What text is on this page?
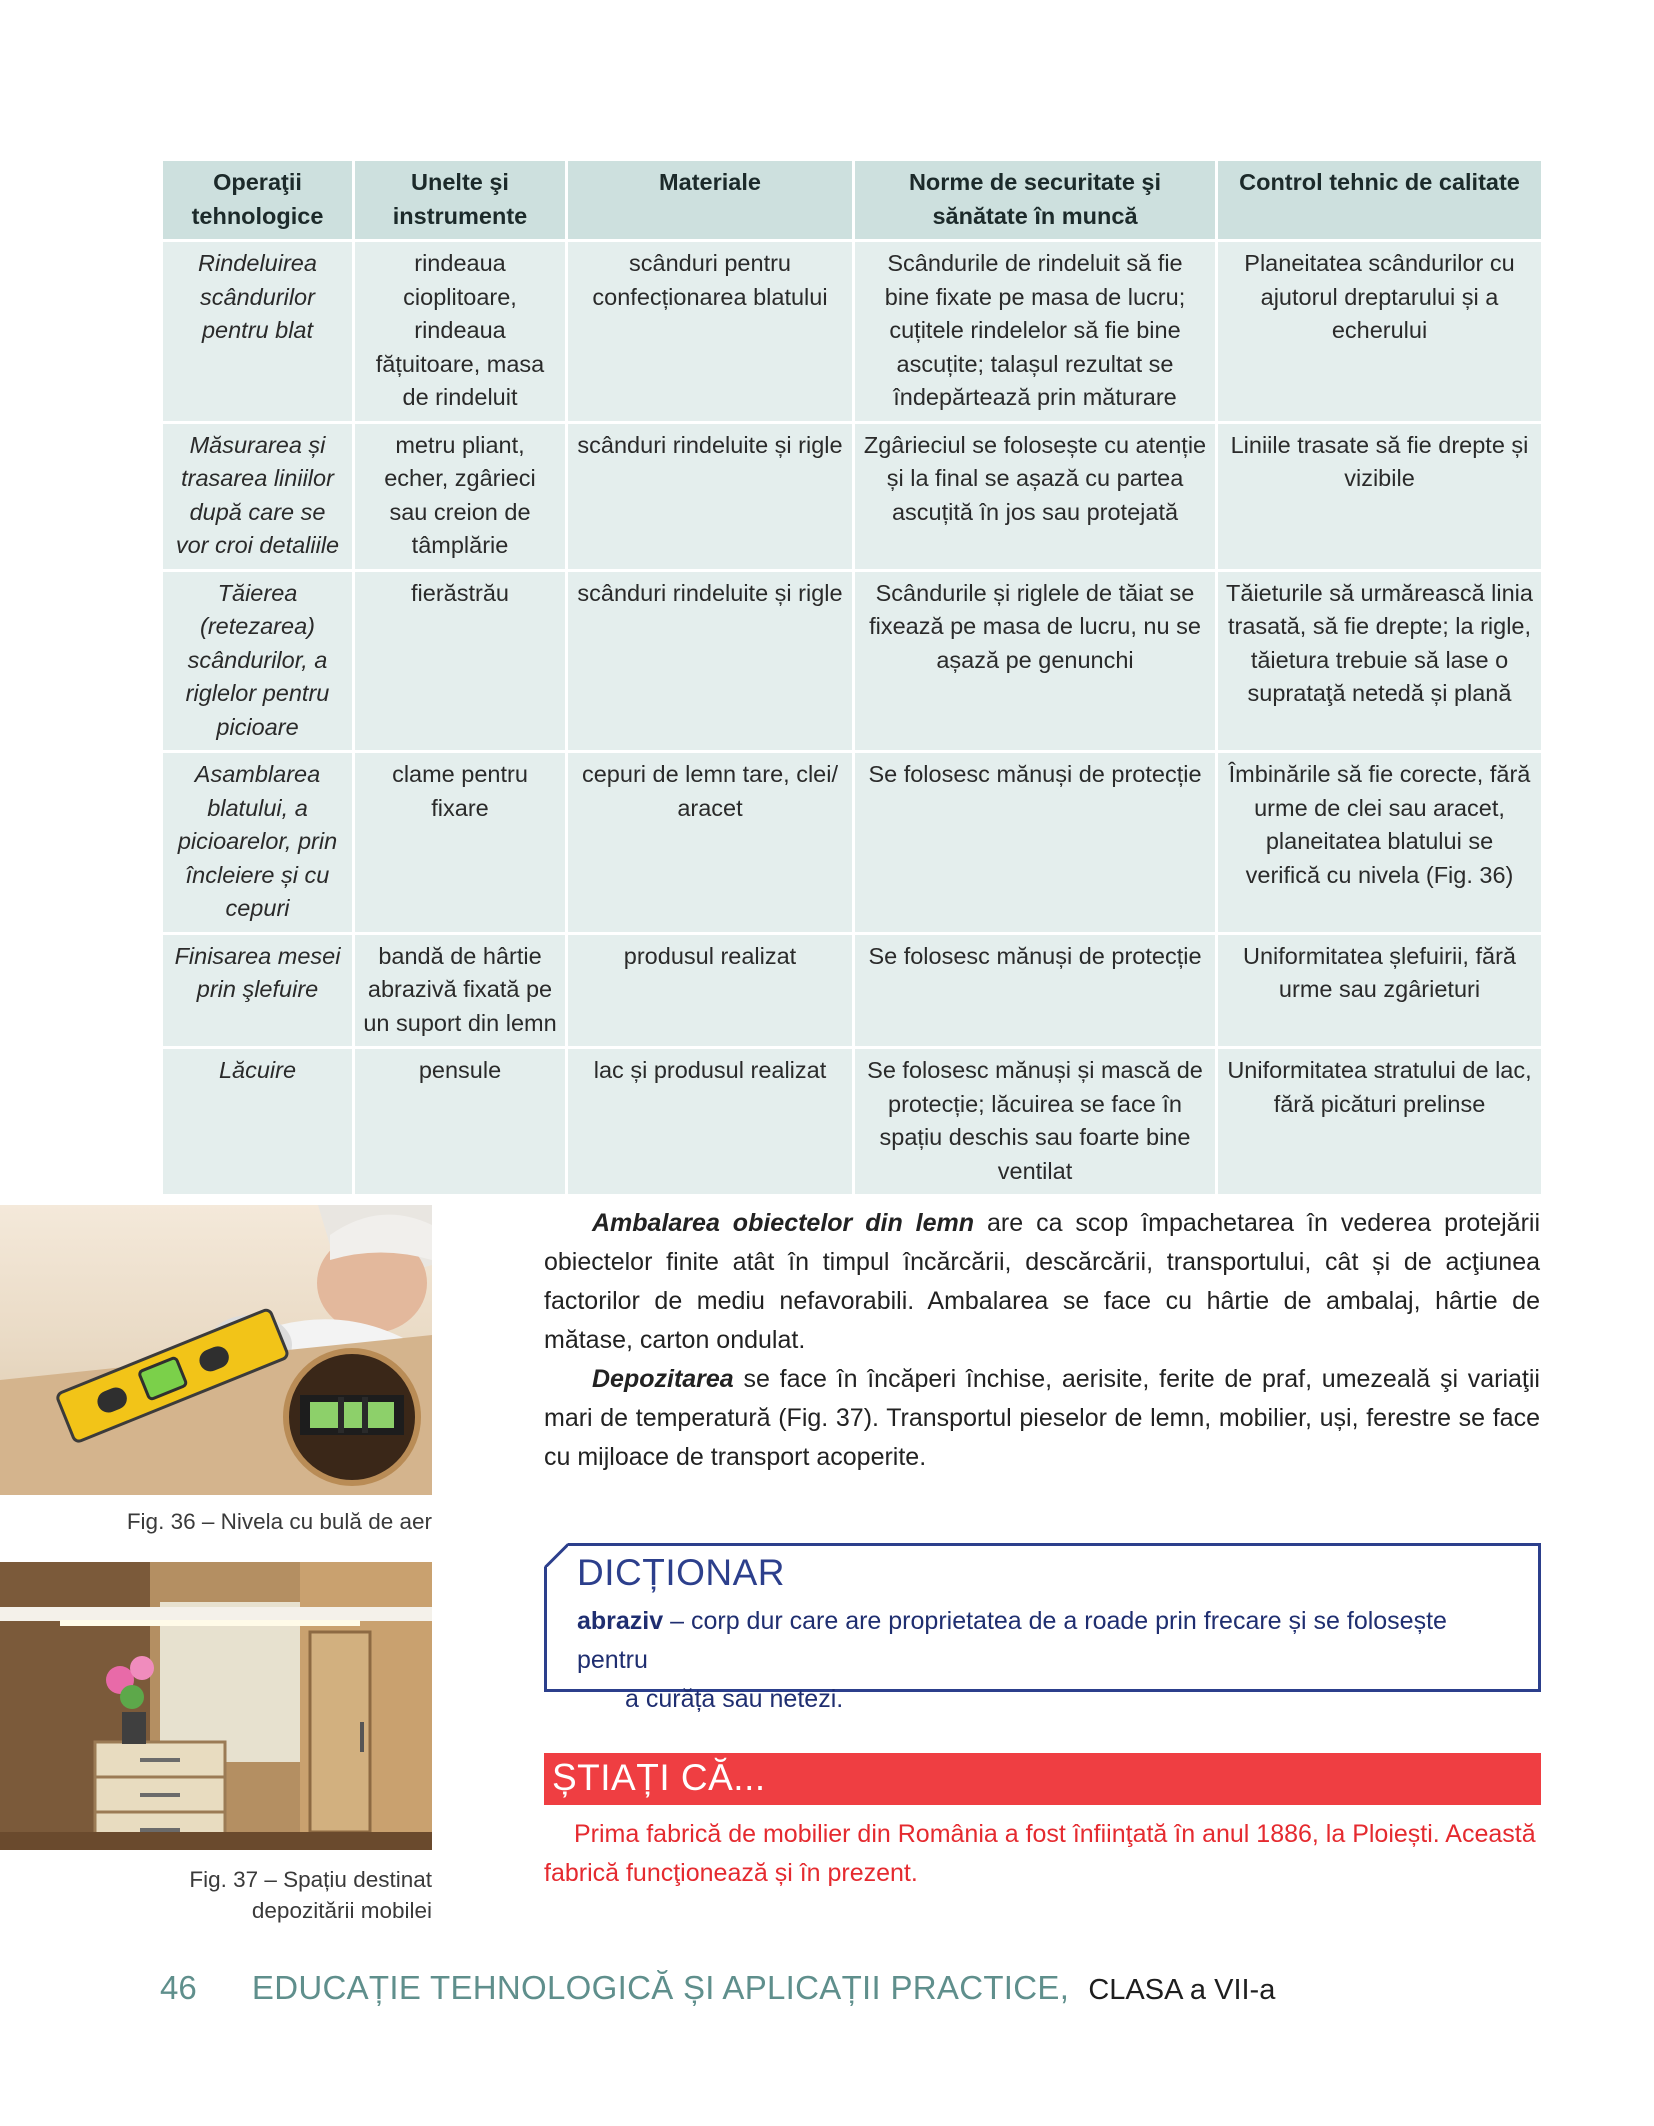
Operaţii tehnologice	Unelte şi instrumente	Materiale	Norme de securitate şi sănătate în muncă	Control tehnic de calitate
Rindeluirea scândurilor pentru blat	rindeaua cioplitoare, rindeaua fățuitoare, masa de rindeluit	scânduri pentru confecționarea blatului	Scândurile de rindeluit să fie bine fixate pe masa de lucru; cuțitele rindelelor să fie bine ascuțite; talașul rezultat se îndepărtează prin măturare	Planeitatea scândurilor cu ajutorul dreptarului și a echerului
Măsurarea și trasarea liniilor după care se vor croi detaliile	metru pliant, echer, zgârieci sau creion de tâmplărie	scânduri rindeluite și rigle	Zgârieciul se folosește cu atenție și la final se așază cu partea ascuțită în jos sau protejată	Liniile trasate să fie drepte și vizibile
Tăierea (retezarea) scândurilor, a riglelor pentru picioare	fierăstrău	scânduri rindeluite și rigle	Scândurile și riglele de tăiat se fixează pe masa de lucru, nu se așază pe genunchi	Tăieturile să urmărească linia trasată, să fie drepte; la rigle, tăietura trebuie să lase o suprataţă netedă și plană
Asamblarea blatului, a picioarelor, prin încleiere și cu cepuri	clame pentru fixare	cepuri de lemn tare, clei/ aracet	Se folosesc mănuși de protecție	Îmbinările să fie corecte, fără urme de clei sau aracet, planeitatea blatului se verifică cu nivela (Fig. 36)
Finisarea mesei prin şlefuire	bandă de hârtie abrazivă fixată pe un suport din lemn	produsul realizat	Se folosesc mănuși de protecție	Uniformitatea șlefuirii, fără urme sau zgârieturi
Lăcuire	pensule	lac și produsul realizat	Se folosesc mănuși și mască de protecție; lăcuirea se face în spațiu deschis sau foarte bine ventilat	Uniformitatea stratului de lac, fără picături prelinse
Fig. 36 – Nivela cu bulă de aer
Fig. 37 – Spațiu destinat
depozitării mobilei

Ambalarea obiectelor din lemn are ca scop împachetarea în vederea protejării obiectelor finite atât în timpul încărcării, descărcării, transportului, cât și de acţiunea factorilor de mediu nefavorabili. Ambalarea se face cu hârtie de ambalaj, hârtie de mătase, carton ondulat.

Depozitarea se face în încăperi închise, aerisite, ferite de praf, umezeală şi variaţii mari de temperatură (Fig. 37). Transportul pieselor de lemn, mobilier, uși, ferestre se face cu mijloace de transport acoperite.

DICȚIONAR
abraziv – corp dur care are proprietatea de a roade prin frecare și se folosește pentru
a curăța sau netezi.
ȘTIAȚI CĂ...
Prima fabrică de mobilier din România a fost înfiinţată în anul 1886, la Ploiești. Această fabrică funcţionează și în prezent.
46 EDUCAȚIE TEHNOLOGICĂ ȘI APLICAȚII PRACTICE, CLASA a VII-a
